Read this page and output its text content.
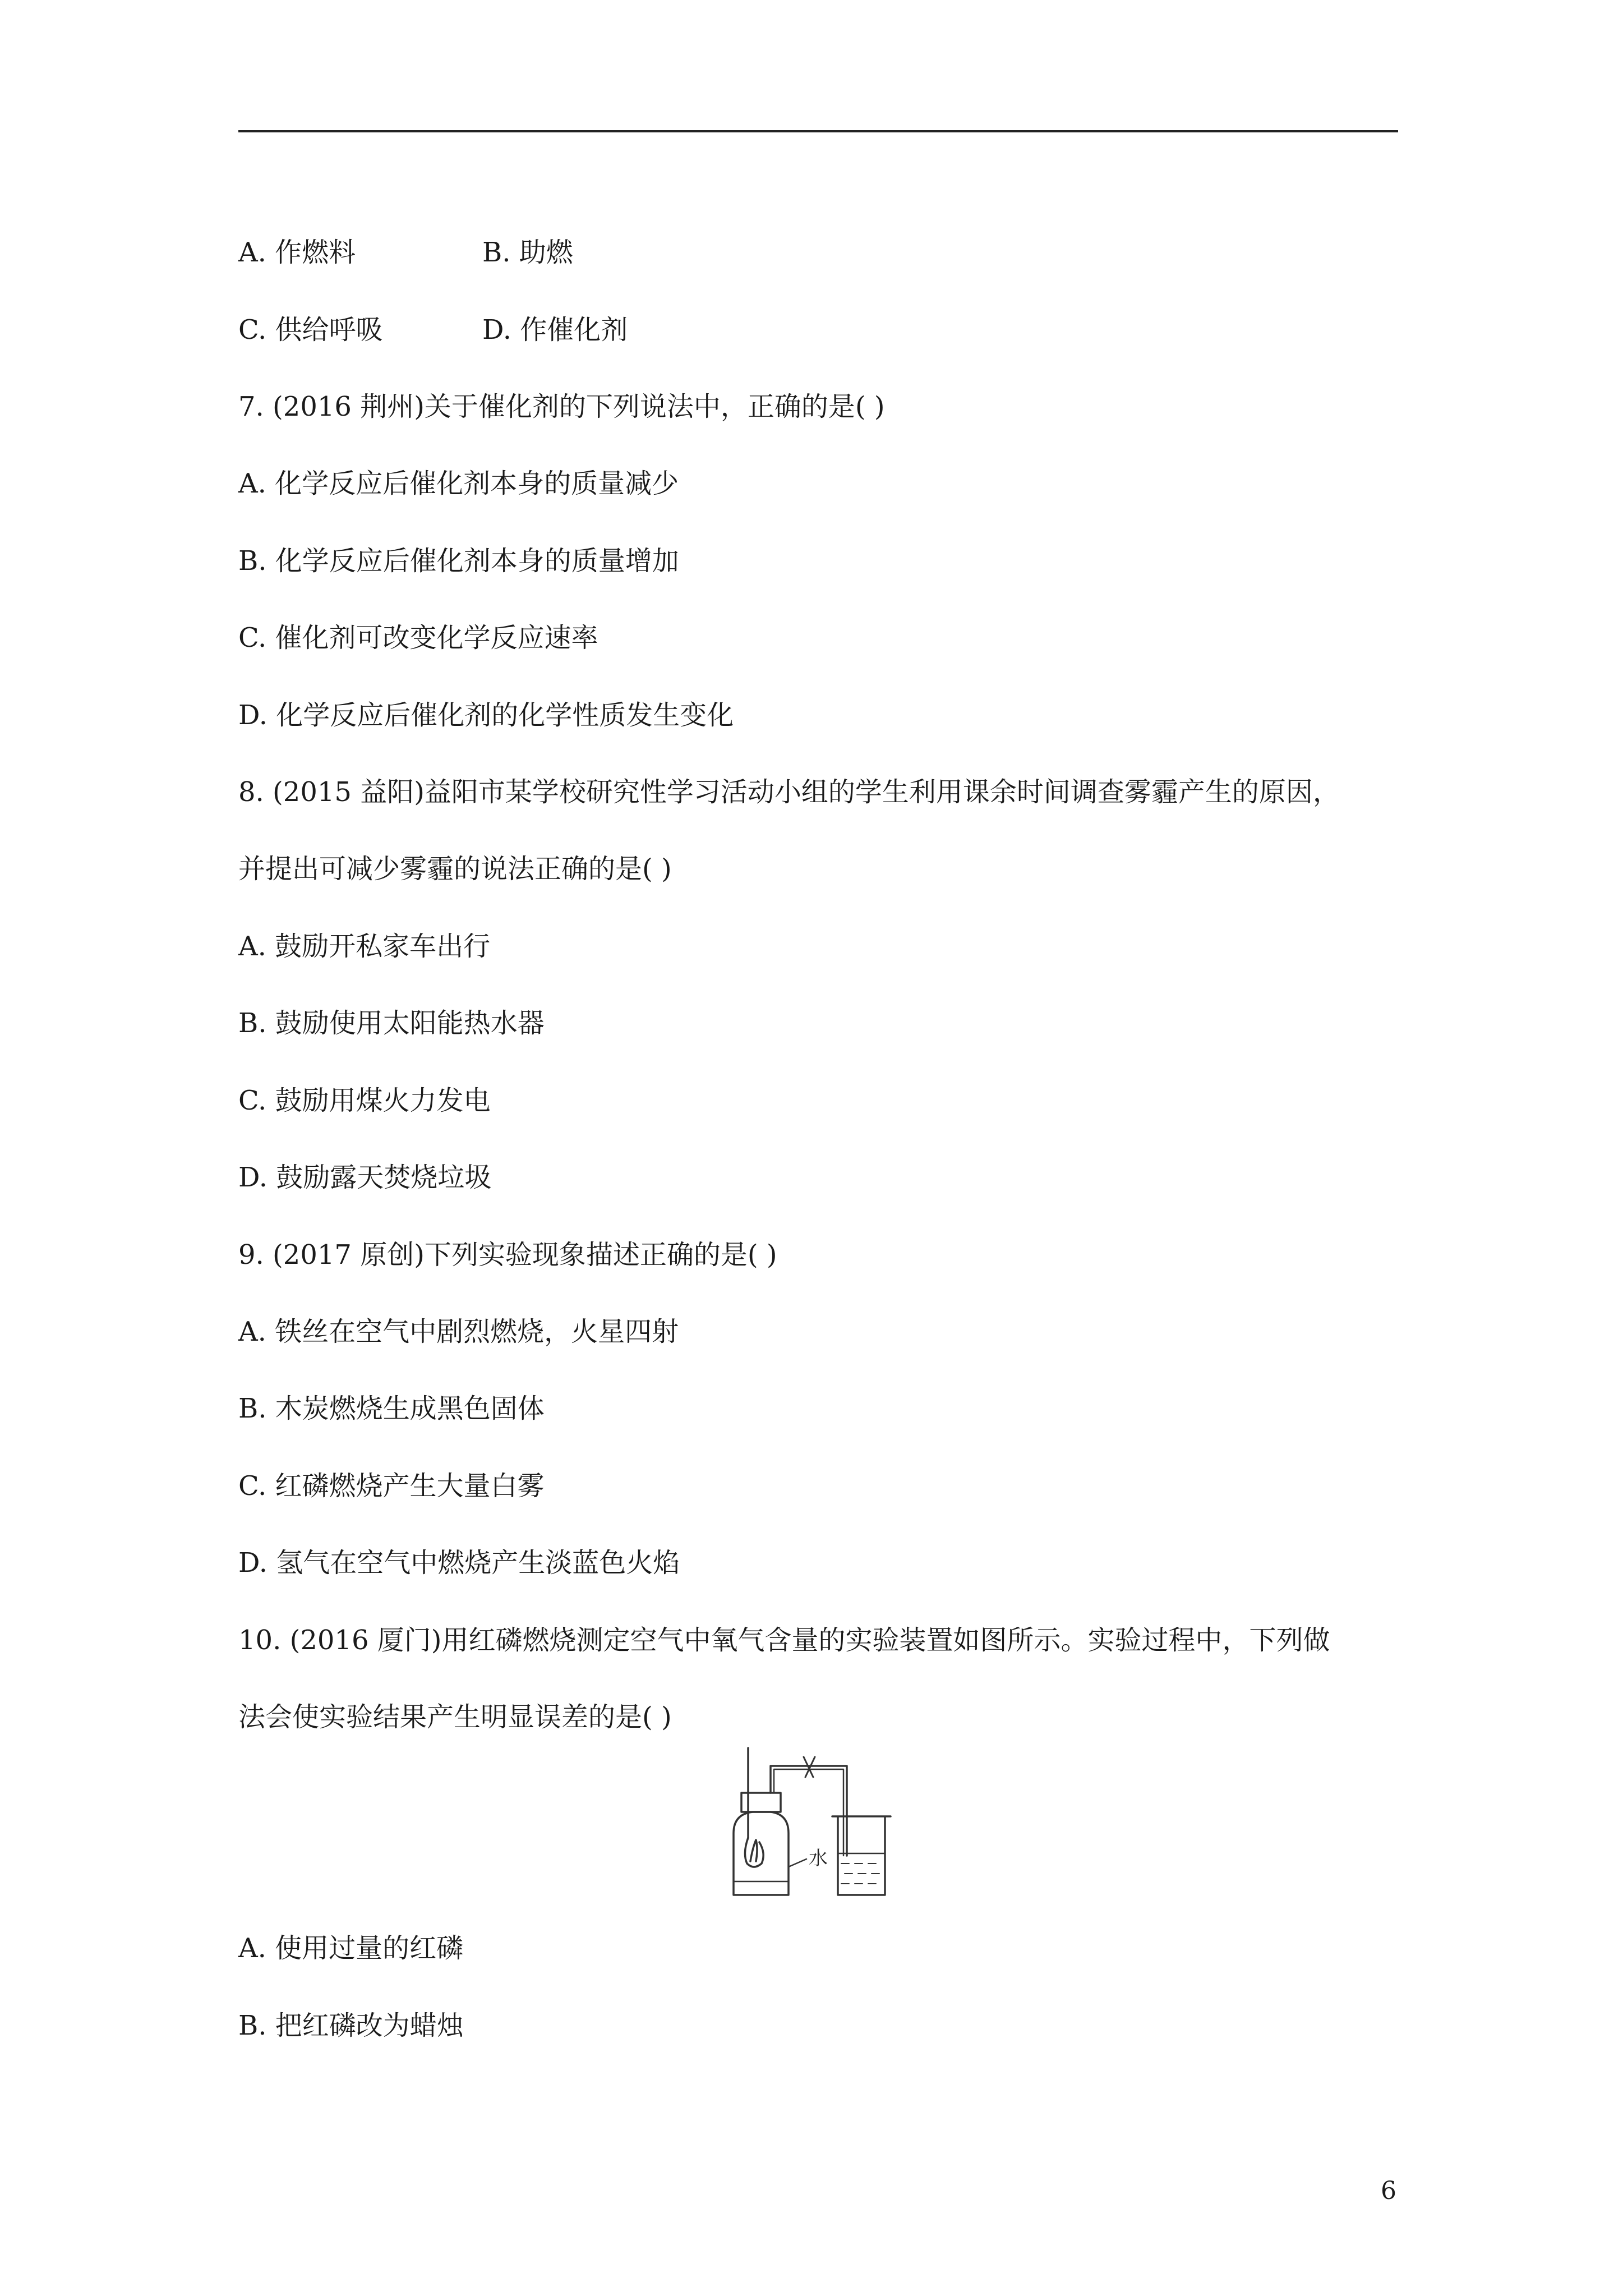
A. 作燃料	B. 助燃
C. 供给呼吸	D. 作催化剂
7. (2016 荆州)关于催化剂的下列说法中，正确的是( )
A. 化学反应后催化剂本身的质量减少
B. 化学反应后催化剂本身的质量增加
C. 催化剂可改变化学反应速率
D. 化学反应后催化剂的化学性质发生变化
8. (2015 益阳)益阳市某学校研究性学习活动小组的学生利用课余时间调查雾霾产生的原因，
并提出可减少雾霾的说法正确的是( )
A. 鼓励开私家车出行
B. 鼓励使用太阳能热水器
C. 鼓励用煤火力发电
D. 鼓励露天焚烧垃圾
9. (2017 原创)下列实验现象描述正确的是( )
A. 铁丝在空气中剧烈燃烧，火星四射
B. 木炭燃烧生成黑色固体
C. 红磷燃烧产生大量白雾
D. 氢气在空气中燃烧产生淡蓝色火焰
10. (2016 厦门)用红磷燃烧测定空气中氧气含量的实验装置如图所示。实验过程中，下列做
法会使实验结果产生明显误差的是( )
水
A. 使用过量的红磷
B. 把红磷改为蜡烛
6
